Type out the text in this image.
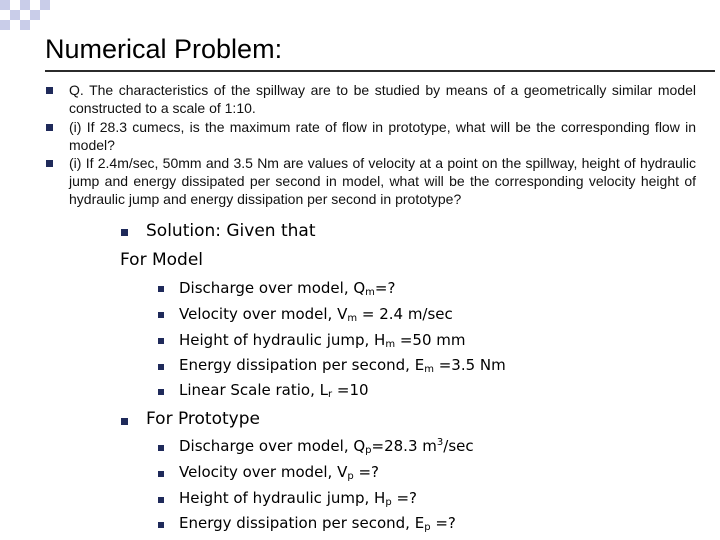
Numerical Problem:
Q. The characteristics of the spillway are to be studied by means of a geometrically similar model constructed to a scale of 1:10.
(i) If 28.3 cumecs, is the maximum rate of flow in prototype, what will be the corresponding flow in model?
(i) If 2.4m/sec, 50mm and 3.5 Nm are values of velocity at a point on the spillway, height of hydraulic jump and energy dissipated per second in model, what will be the corresponding velocity height of hydraulic jump and energy dissipation per second in prototype?
Solution: Given that
For Model
Discharge over model, $Q_m=$?
Velocity over model, $V_m = 2.4$ m/sec
Height of hydraulic jump, $H_m =50$ mm
Energy dissipation per second, $E_m =3.5$ Nm
Linear Scale ratio, $L_r =10$
For Prototype
Discharge over model, $Q_p=28.3$ $m^3/\sec$
Velocity over model, $V_p$ =?
Height of hydraulic jump, $H_p$ =?
Energy dissipation per second, $E_p$ =?
